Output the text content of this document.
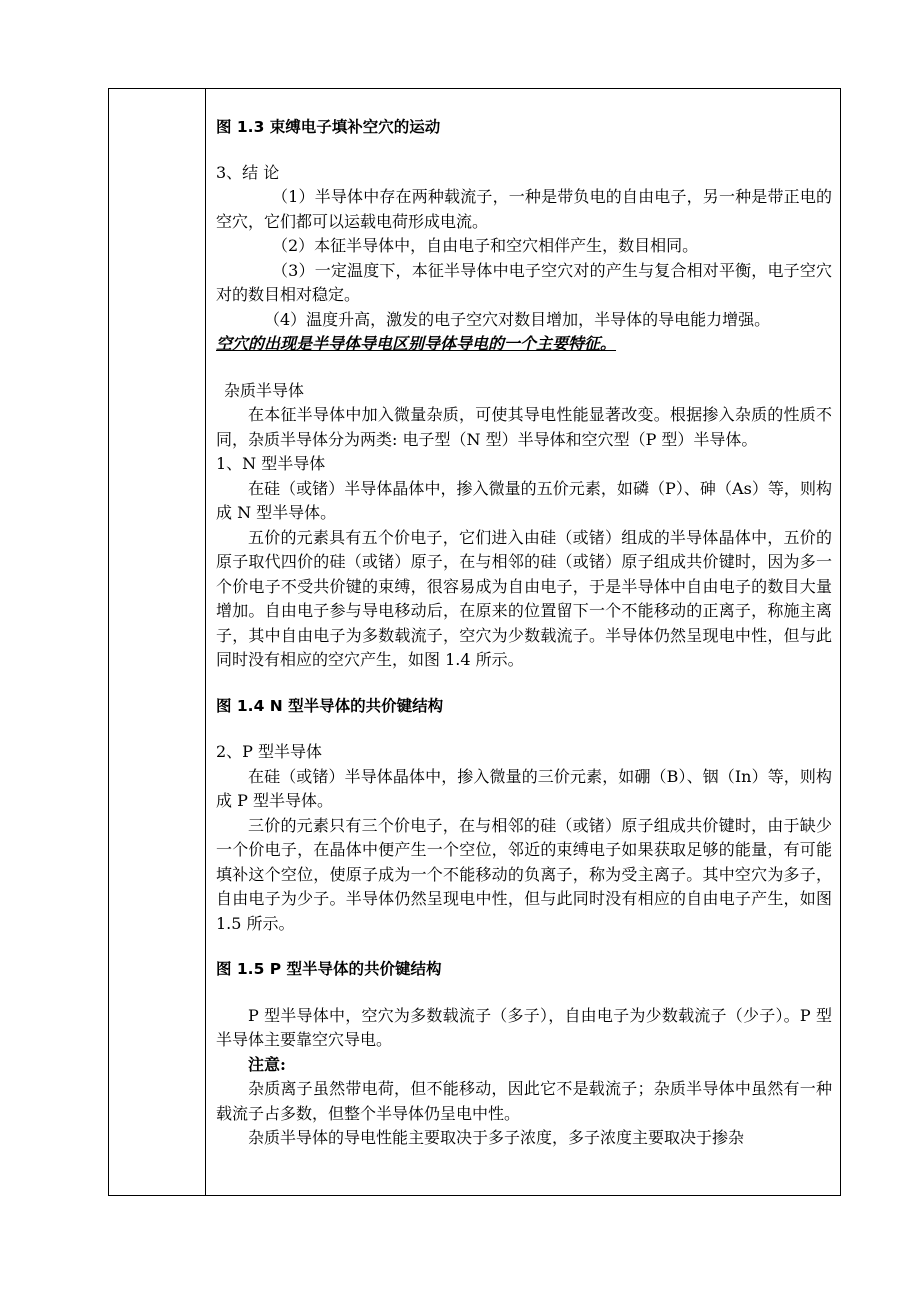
图 1.3 束缚电子填补空穴的运动

3、结 论

（1）半导体中存在两种载流子，一种是带负电的自由电子，另一种是带正电的空穴，它们都可以运载电荷形成电流。

（2）本征半导体中，自由电子和空穴相伴产生，数目相同。

（3）一定温度下，本征半导体中电子空穴对的产生与复合相对平衡，电子空穴对的数目相对稳定。

（4）温度升高，激发的电子空穴对数目增加，半导体的导电能力增强。

空穴的出现是半导体导电区别导体导电的一个主要特征。

杂质半导体

在本征半导体中加入微量杂质，可使其导电性能显著改变。根据掺入杂质的性质不同，杂质半导体分为两类: 电子型（N 型）半导体和空穴型（P 型）半导体。

1、N 型半导体

在硅（或锗）半导体晶体中，掺入微量的五价元素，如磷（P）、砷（As）等，则构成 N 型半导体。

五价的元素具有五个价电子，它们进入由硅（或锗）组成的半导体晶体中，五价的原子取代四价的硅（或锗）原子，在与相邻的硅（或锗）原子组成共价键时，因为多一个价电子不受共价键的束缚，很容易成为自由电子，于是半导体中自由电子的数目大量增加。自由电子参与导电移动后，在原来的位置留下一个不能移动的正离子，称施主离子，其中自由电子为多数载流子，空穴为少数载流子。半导体仍然呈现电中性，但与此同时没有相应的空穴产生，如图 1.4 所示。

图 1.4 N 型半导体的共价键结构

2、P 型半导体

在硅（或锗）半导体晶体中，掺入微量的三价元素，如硼（B）、铟（In）等，则构成 P 型半导体。

三价的元素只有三个价电子，在与相邻的硅（或锗）原子组成共价键时，由于缺少一个价电子，在晶体中便产生一个空位，邻近的束缚电子如果获取足够的能量，有可能填补这个空位，使原子成为一个不能移动的负离子，称为受主离子。其中空穴为多子，自由电子为少子。半导体仍然呈现电中性，但与此同时没有相应的自由电子产生，如图 1.5 所示。

图 1.5 P 型半导体的共价键结构

P 型半导体中，空穴为多数载流子（多子），自由电子为少数载流子（少子）。P 型半导体主要靠空穴导电。

注意:

杂质离子虽然带电荷，但不能移动，因此它不是载流子；杂质半导体中虽然有一种载流子占多数，但整个半导体仍呈电中性。

杂质半导体的导电性能主要取决于多子浓度，多子浓度主要取决于掺杂
